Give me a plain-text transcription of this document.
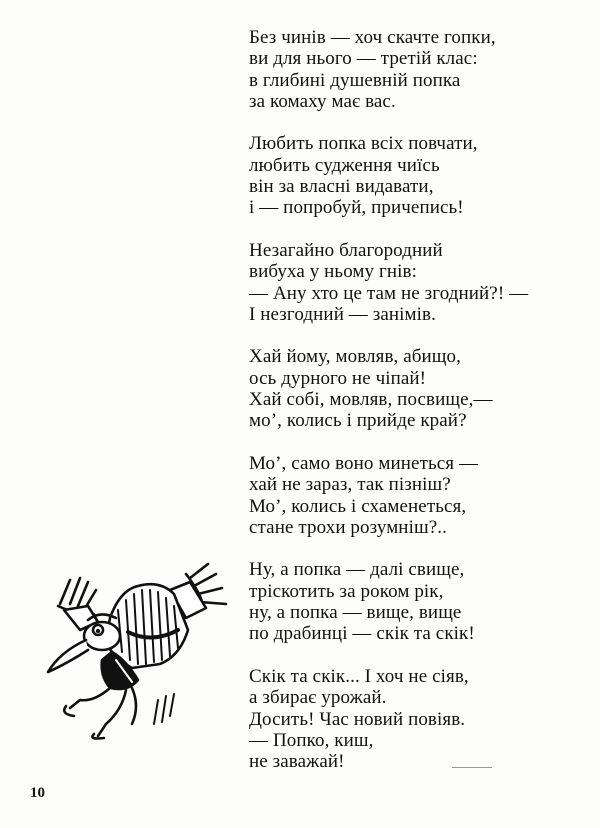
Без чинів — хоч скачте гопки,
ви для нього — третій клас:
в глибині душевній попка
за комаху має вас.
Любить попка всіх повчати,
любить судження чиїсь
він за власні видавати,
і — попробуй, причепись!
Незагайно благородний
вибуха у ньому гнів:
— Ану хто це там не згодний?! —
І незгодний — занімів.
Хай йому, мовляв, абищо,
ось дурного не чіпай!
Хай собі, мовляв, посвище,—
мо’, колись і прийде край?
Мо’, само воно минеться —
хай не зараз, так пізніш?
Мо’, колись і схаменеться,
стане трохи розумніш?..
Ну, а попка — далі свище,
тріскотить за роком рік,
ну, а попка — вище, вище
по драбинці — скік та скік!
Скік та скік... І хоч не сіяв,
а збирає урожай.
Досить! Час новий повіяв.
— Попко, киш,
не заважай!
10
